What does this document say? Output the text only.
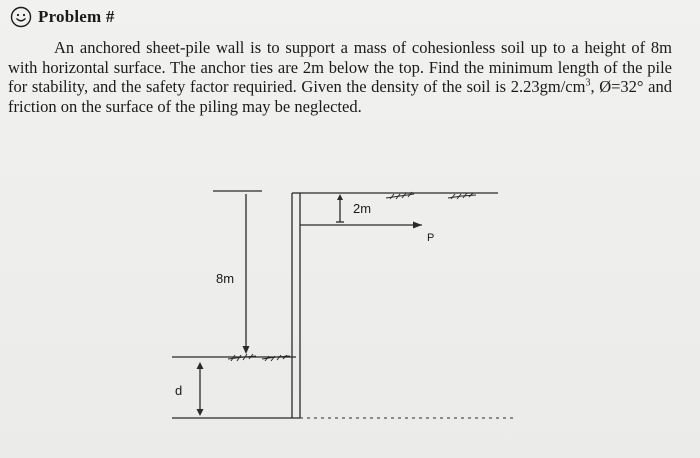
Problem #

An anchored sheet-pile wall is to support a mass of cohesionless soil up to a height of 8m with horizontal surface. The anchor ties are 2m below the top. Find the minimum length of the pile for stability, and the safety factor requiried. Given the density of the soil is $2.23gm/cm^3$, Ø=32° and friction on the surface of the piling may be neglected.

2m
P
8m
d
